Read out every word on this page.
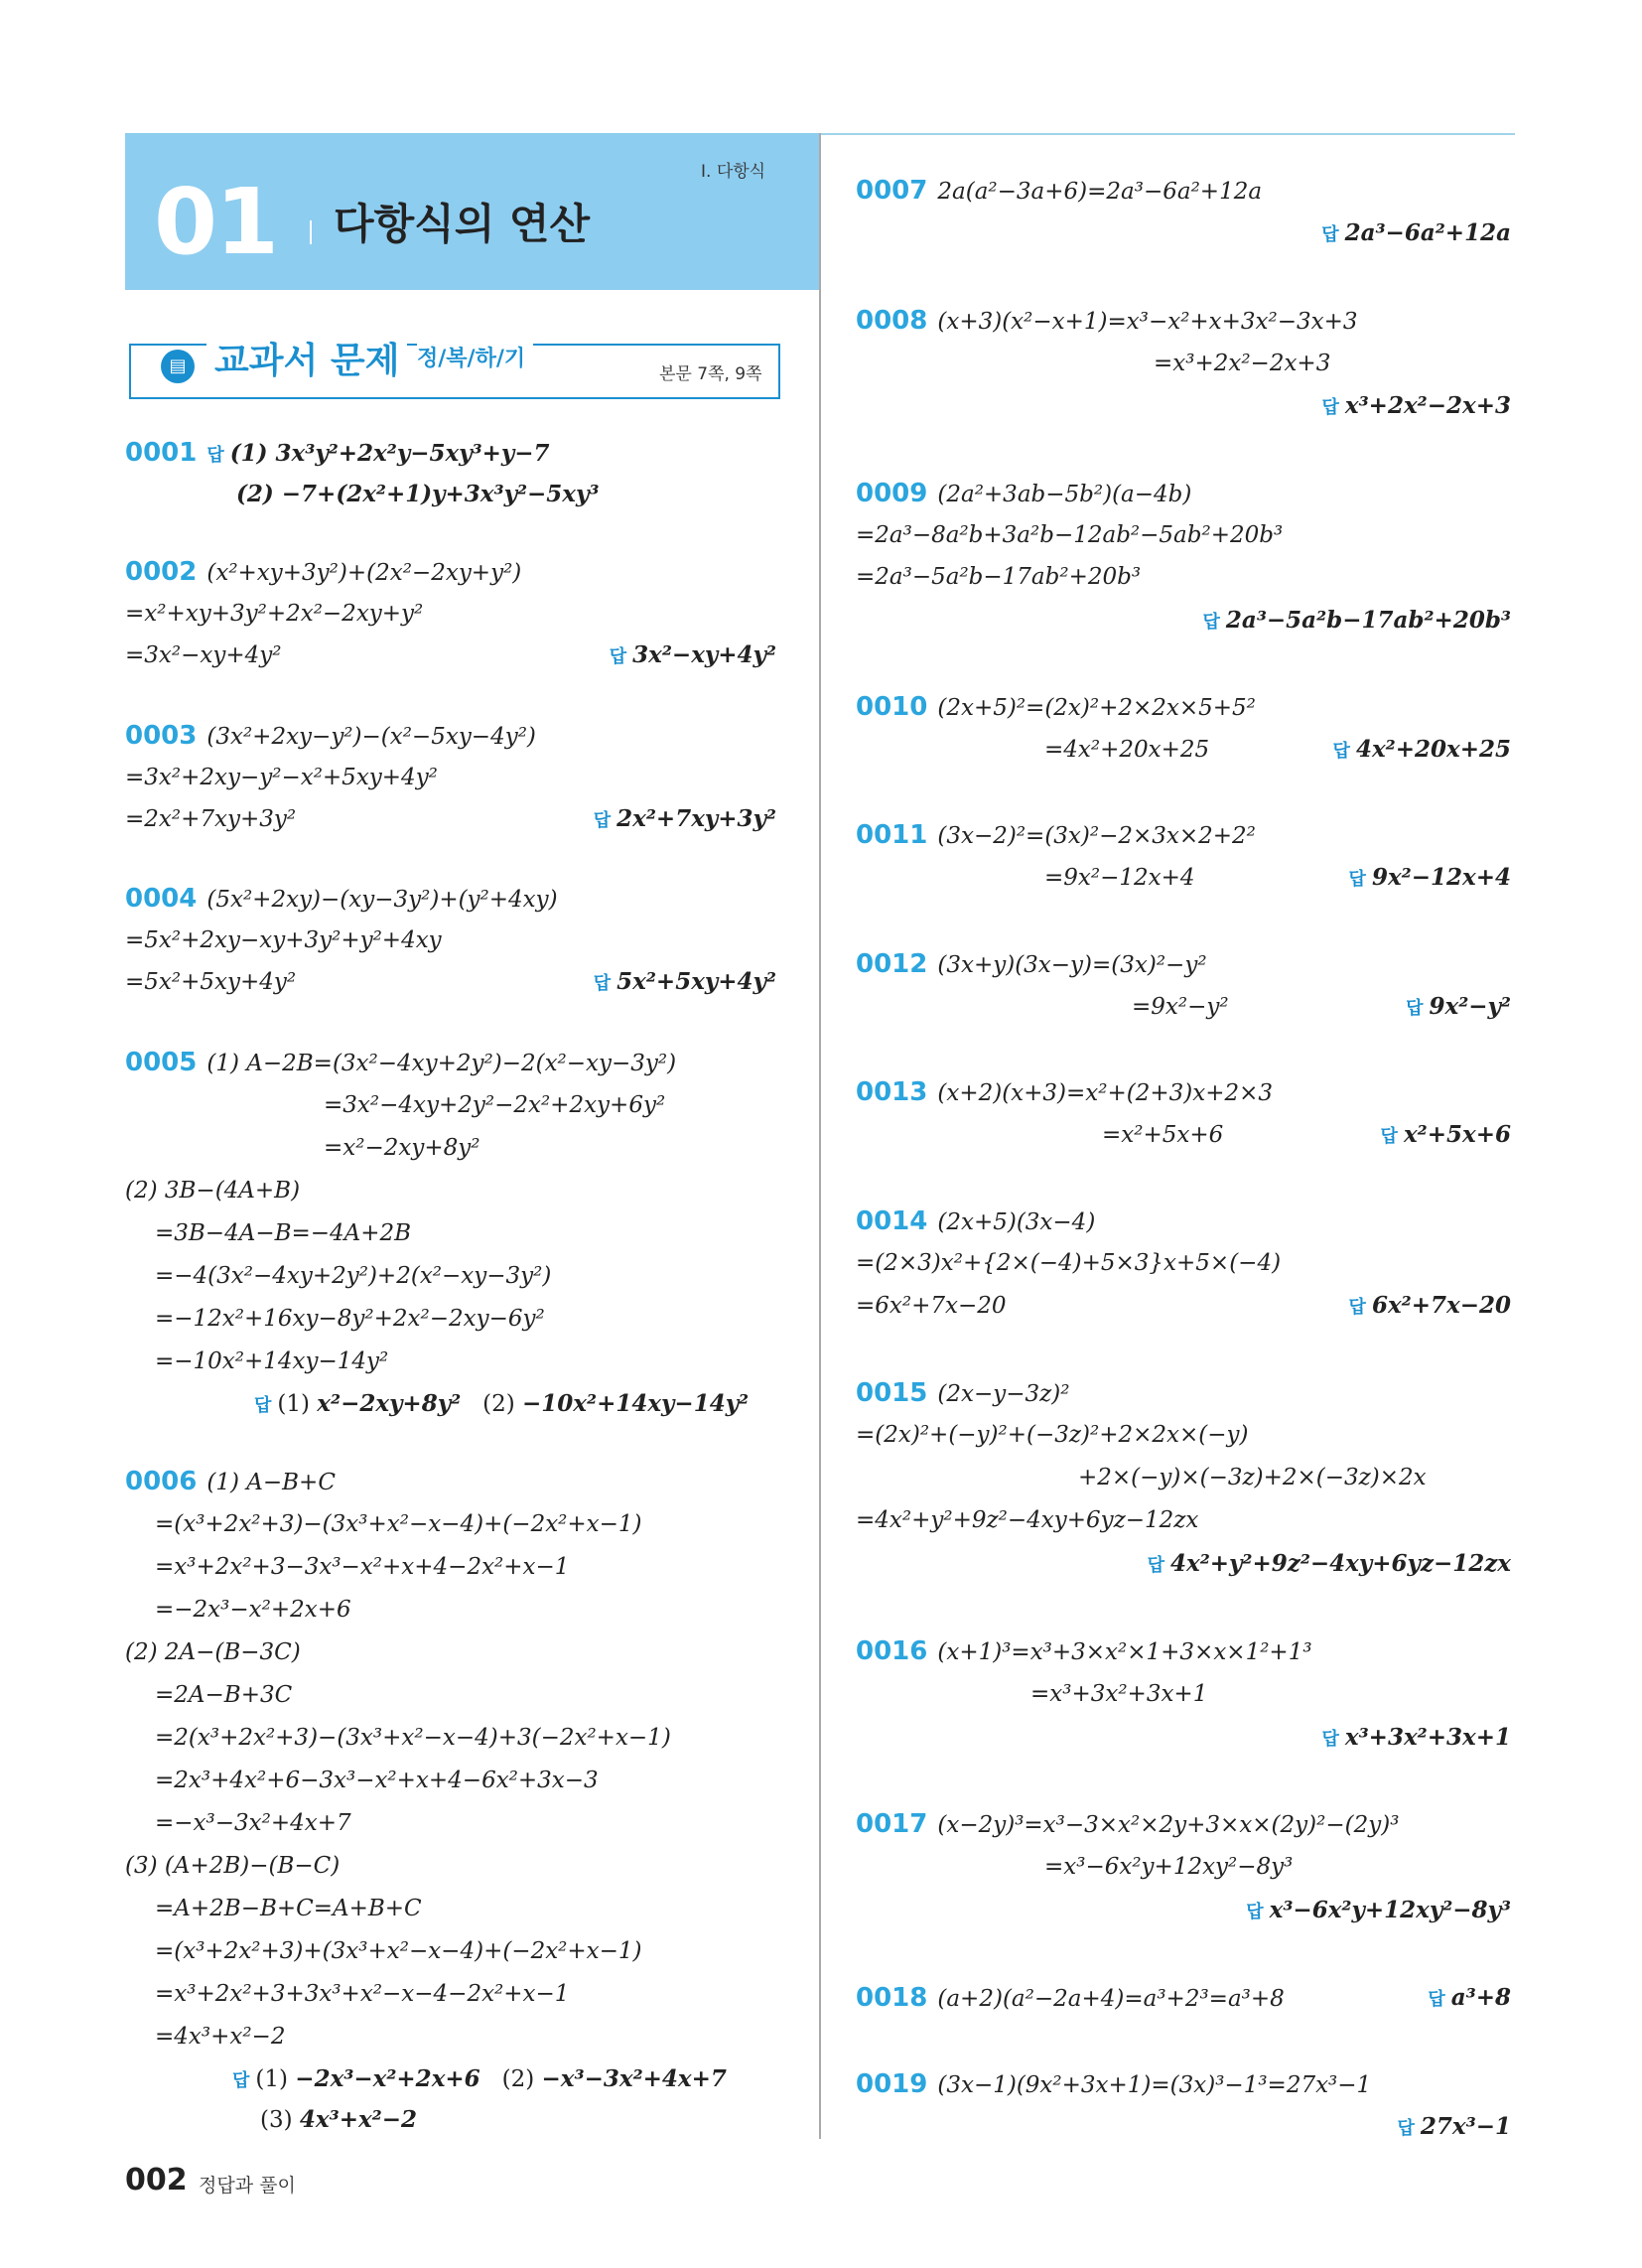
Ⅰ. 다항식
01 다항식의 연산
교과서 문제
▤	정/복/하/기
본문 7쪽, 9쪽
0001 답 (1) 3x³y²+2x²y−5xy³+y−7
(2) −7+(2x²+1)y+3x³y²−5xy³
0002 (x²+xy+3y²)+(2x²−2xy+y²)
=x²+xy+3y²+2x²−2xy+y²
=3x²−xy+4y²	답 3x²−xy+4y²
0003 (3x²+2xy−y²)−(x²−5xy−4y²)
=3x²+2xy−y²−x²+5xy+4y²
=2x²+7xy+3y²	답 2x²+7xy+3y²
0004 (5x²+2xy)−(xy−3y²)+(y²+4xy)
=5x²+2xy−xy+3y²+y²+4xy
=5x²+5xy+4y²	답 5x²+5xy+4y²
0005 (1) A−2B=(3x²−4xy+2y²)−2(x²−xy−3y²)
=3x²−4xy+2y²−2x²+2xy+6y²
=x²−2xy+8y²
(2) 3B−(4A+B)
=3B−4A−B=−4A+2B
=−4(3x²−4xy+2y²)+2(x²−xy−3y²)
=−12x²+16xy−8y²+2x²−2xy−6y²
=−10x²+14xy−14y²
답 (1) x²−2xy+8y² (2) −10x²+14xy−14y²
0006 (1) A−B+C
=(x³+2x²+3)−(3x³+x²−x−4)+(−2x²+x−1)
=x³+2x²+3−3x³−x²+x+4−2x²+x−1
=−2x³−x²+2x+6
(2) 2A−(B−3C)
=2A−B+3C
=2(x³+2x²+3)−(3x³+x²−x−4)+3(−2x²+x−1)
=2x³+4x²+6−3x³−x²+x+4−6x²+3x−3
=−x³−3x²+4x+7
(3) (A+2B)−(B−C)
=A+2B−B+C=A+B+C
=(x³+2x²+3)+(3x³+x²−x−4)+(−2x²+x−1)
=x³+2x²+3+3x³+x²−x−4−2x²+x−1
=4x³+x²−2
답 (1) −2x³−x²+2x+6 (2) −x³−3x²+4x+7
(3) 4x³+x²−2
0007 2a(a²−3a+6)=2a³−6a²+12a
답 2a³−6a²+12a
0008 (x+3)(x²−x+1)=x³−x²+x+3x²−3x+3
=x³+2x²−2x+3
답 x³+2x²−2x+3
0009 (2a²+3ab−5b²)(a−4b)
=2a³−8a²b+3a²b−12ab²−5ab²+20b³
=2a³−5a²b−17ab²+20b³
답 2a³−5a²b−17ab²+20b³
0010 (2x+5)²=(2x)²+2×2x×5+5²
=4x²+20x+25	답 4x²+20x+25
0011 (3x−2)²=(3x)²−2×3x×2+2²
=9x²−12x+4	답 9x²−12x+4
0012 (3x+y)(3x−y)=(3x)²−y²
=9x²−y²	답 9x²−y²
0013 (x+2)(x+3)=x²+(2+3)x+2×3
=x²+5x+6	답 x²+5x+6
0014 (2x+5)(3x−4)
=(2×3)x²+{2×(−4)+5×3}x+5×(−4)
=6x²+7x−20	답 6x²+7x−20
0015 (2x−y−3z)²
=(2x)²+(−y)²+(−3z)²+2×2x×(−y)
+2×(−y)×(−3z)+2×(−3z)×2x
=4x²+y²+9z²−4xy+6yz−12zx
답 4x²+y²+9z²−4xy+6yz−12zx
0016 (x+1)³=x³+3×x²×1+3×x×1²+1³
=x³+3x²+3x+1
답 x³+3x²+3x+1
0017 (x−2y)³=x³−3×x²×2y+3×x×(2y)²−(2y)³
=x³−6x²y+12xy²−8y³
답 x³−6x²y+12xy²−8y³
0018 (a+2)(a²−2a+4)=a³+2³=a³+8	답 a³+8
0019 (3x−1)(9x²+3x+1)=(3x)³−1³=27x³−1
답 27x³−1
002 정답과 풀이
